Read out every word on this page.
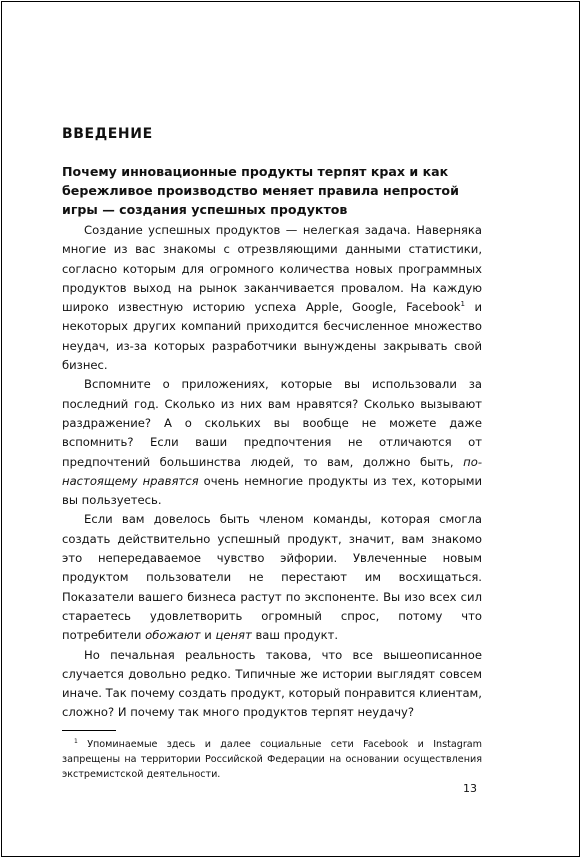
ВВЕДЕНИЕ
Почему инновационные продукты терпят крах и как бережливое производство меняет правила непростой игры — создания успешных продуктов

Создание успешных продуктов — нелегкая задача. Наверняка многие из вас знакомы с отрезвляющими данными статистики, согласно которым для огромного количества новых программных продуктов выход на рынок заканчивается провалом. На каждую широко известную историю успеха Apple, Google, Facebook$^1$ и некоторых других компаний приходится бесчисленное множество неудач, из-за которых разработчики вынуждены закрывать свой бизнес.

Вспомните о приложениях, которые вы использовали за последний год. Сколько из них вам нравятся? Сколько вызывают раздражение? А о скольких вы вообще не можете даже вспомнить? Если ваши предпочтения не отличаются от предпочтений большинства людей, то вам, должно быть, по-настоящему нравятся очень немногие продукты из тех, которыми вы пользуетесь.

Если вам довелось быть членом команды, которая смогла создать действительно успешный продукт, значит, вам знакомо это непередаваемое чувство эйфории. Увлеченные новым продуктом пользователи не перестают им восхищаться. Показатели вашего бизнеса растут по экспоненте. Вы изо всех сил стараетесь удовлетворить огромный спрос, потому что потребители обожают и ценят ваш продукт.

Но печальная реальность такова, что все вышеописанное случается довольно редко. Типичные же истории выглядят совсем иначе. Так почему создать продукт, который понравится клиентам, сложно? И почему так много продуктов терпят неудачу?

$^1$ Упоминаемые здесь и далее социальные сети Facebook и Instagram запрещены на территории Российской Федерации на основании осуществления экстремистской деятельности.

13
